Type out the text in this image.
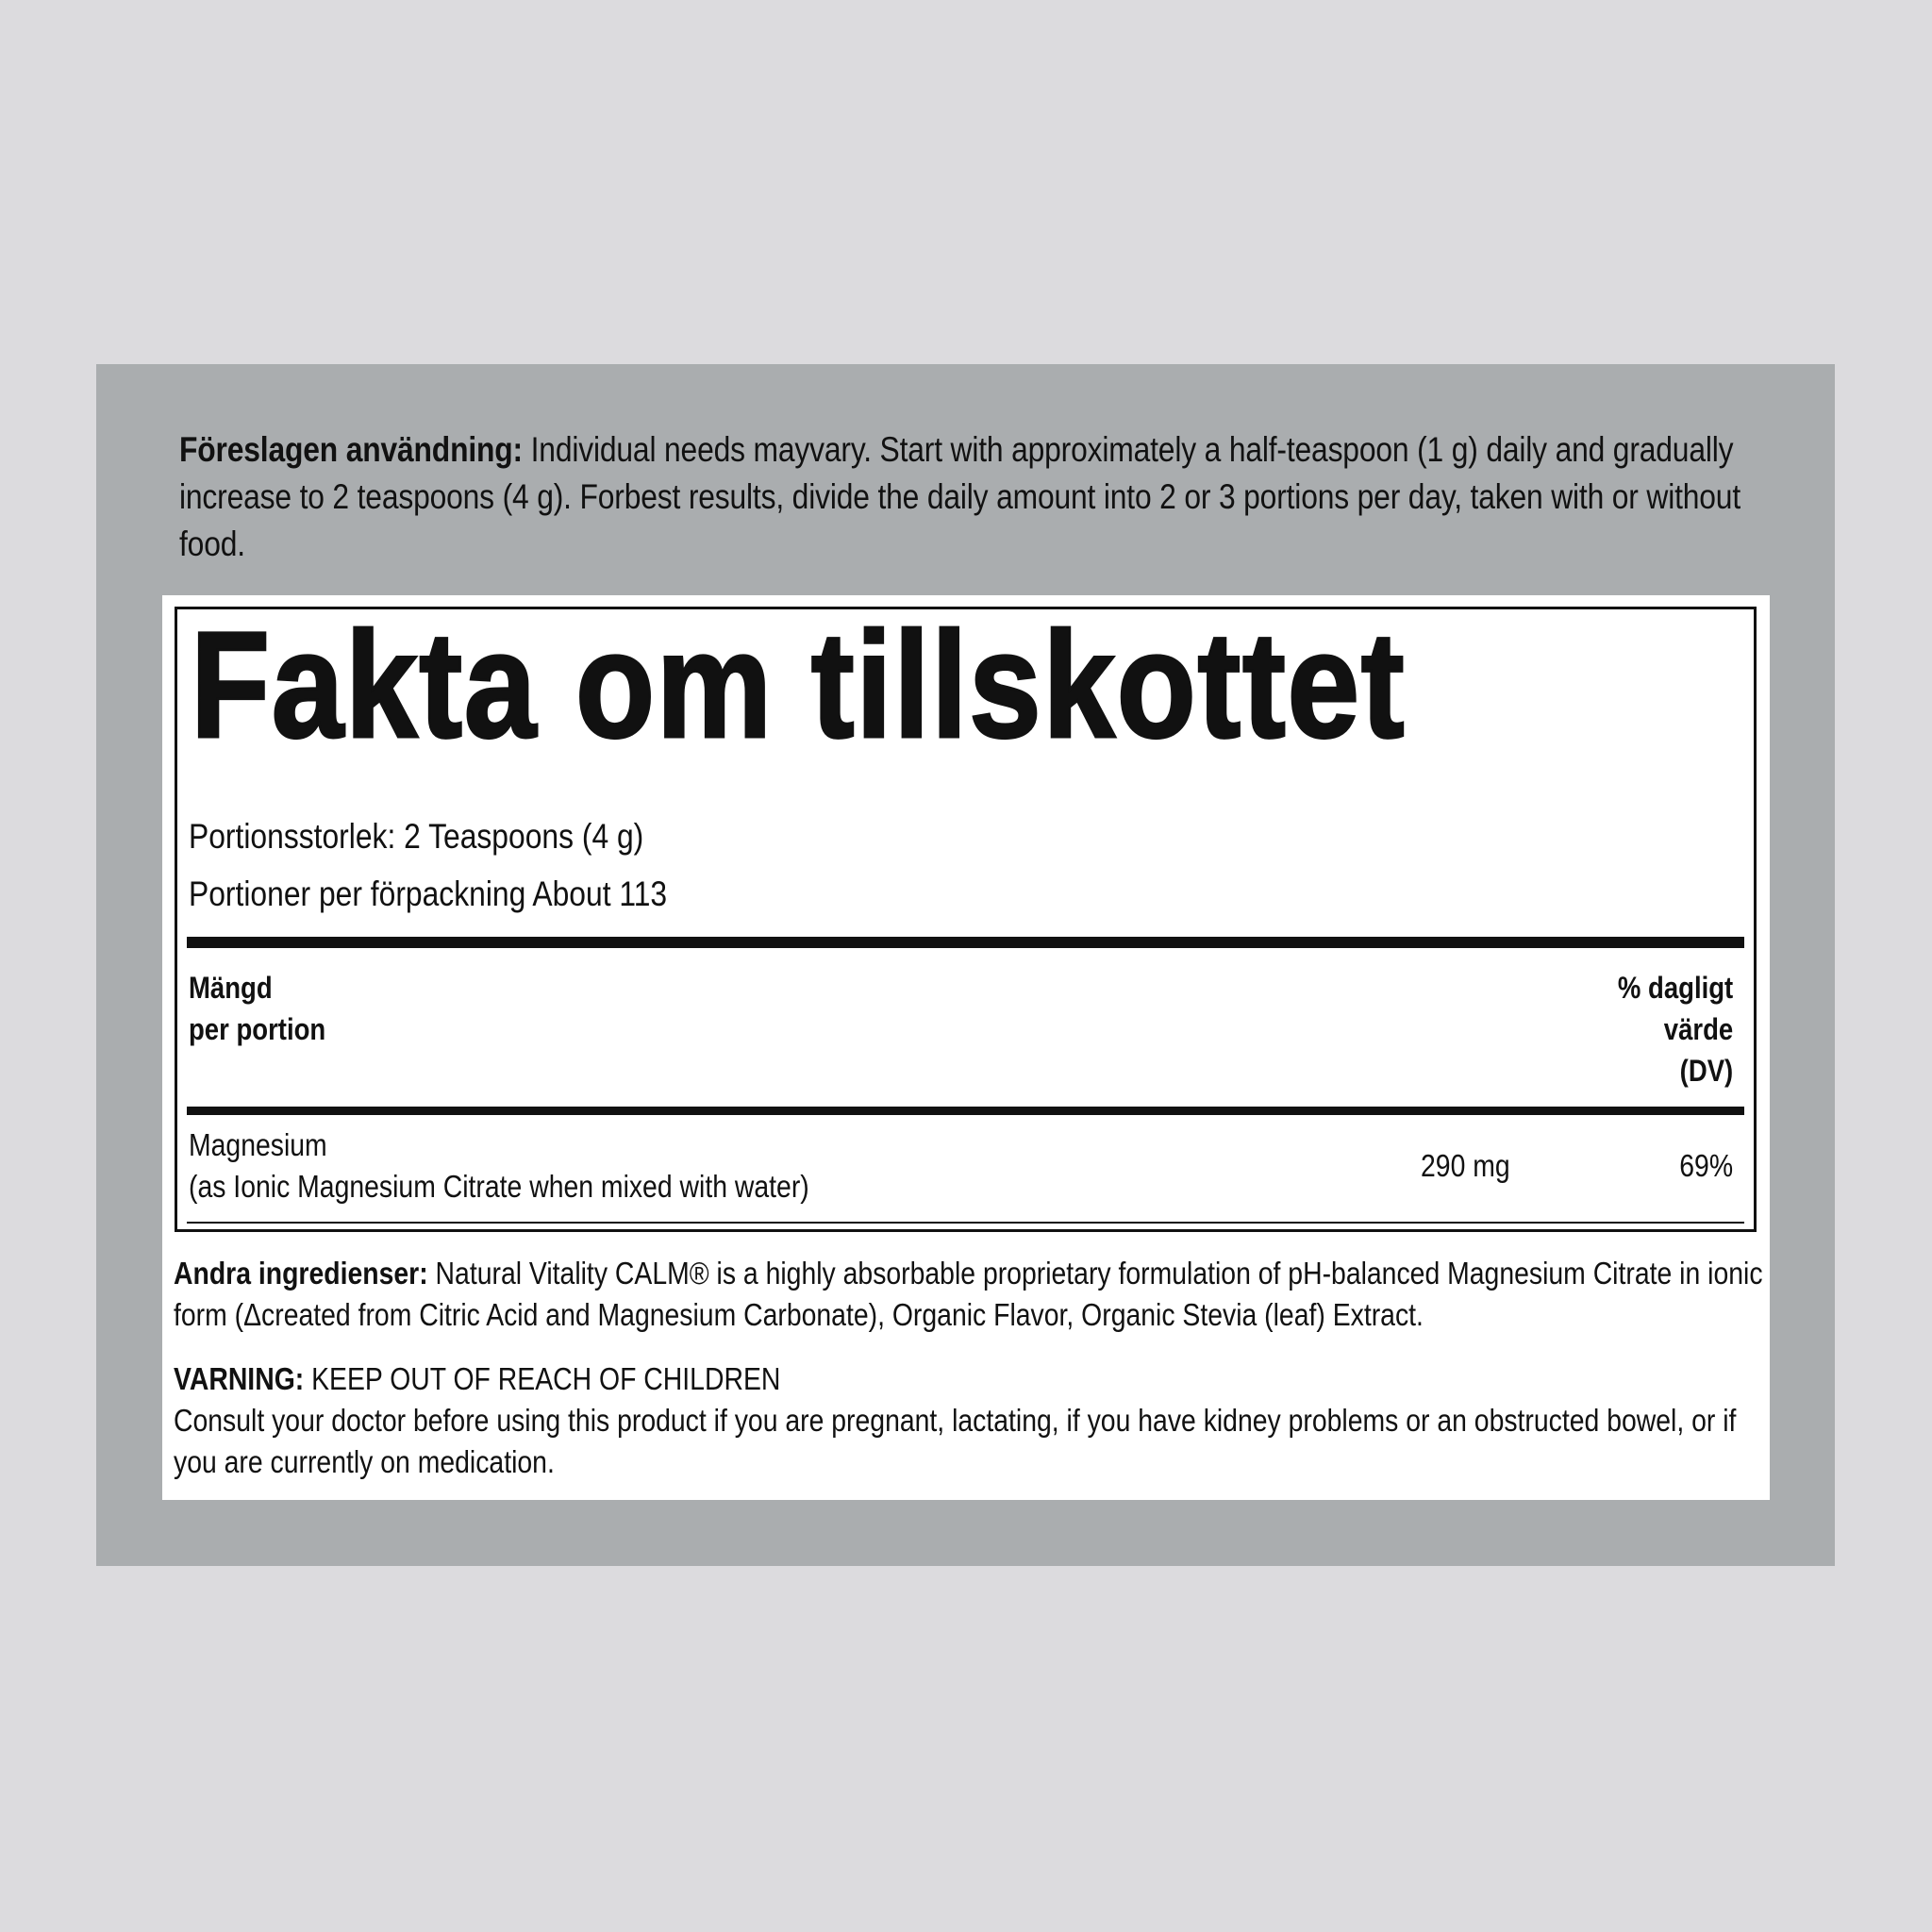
Föreslagen användning: Individual needs mayvary. Start with approximately a half-teaspoon (1 g) daily and gradually increase to 2 teaspoons (4 g). Forbest results, divide the daily amount into 2 or 3 portions per day, taken with or without food.
Fakta om tillskottet
Portionsstorlek: 2 Teaspoons (4 g)
Portioner per förpackning About 113
Mängd
per portion
% dagligt
värde
(DV)
Magnesium
(as Ionic Magnesium Citrate when mixed with water)
290 mg	69%
Andra ingredienser: Natural Vitality CALM® is a highly absorbable proprietary formulation of pH-balanced Magnesium Citrate in ionic form (Δcreated from Citric Acid and Magnesium Carbonate), Organic Flavor, Organic Stevia (leaf) Extract.
VARNING: KEEP OUT OF REACH OF CHILDREN
Consult your doctor before using this product if you are pregnant, lactating, if you have kidney problems or an obstructed bowel, or if you are currently on medication.
